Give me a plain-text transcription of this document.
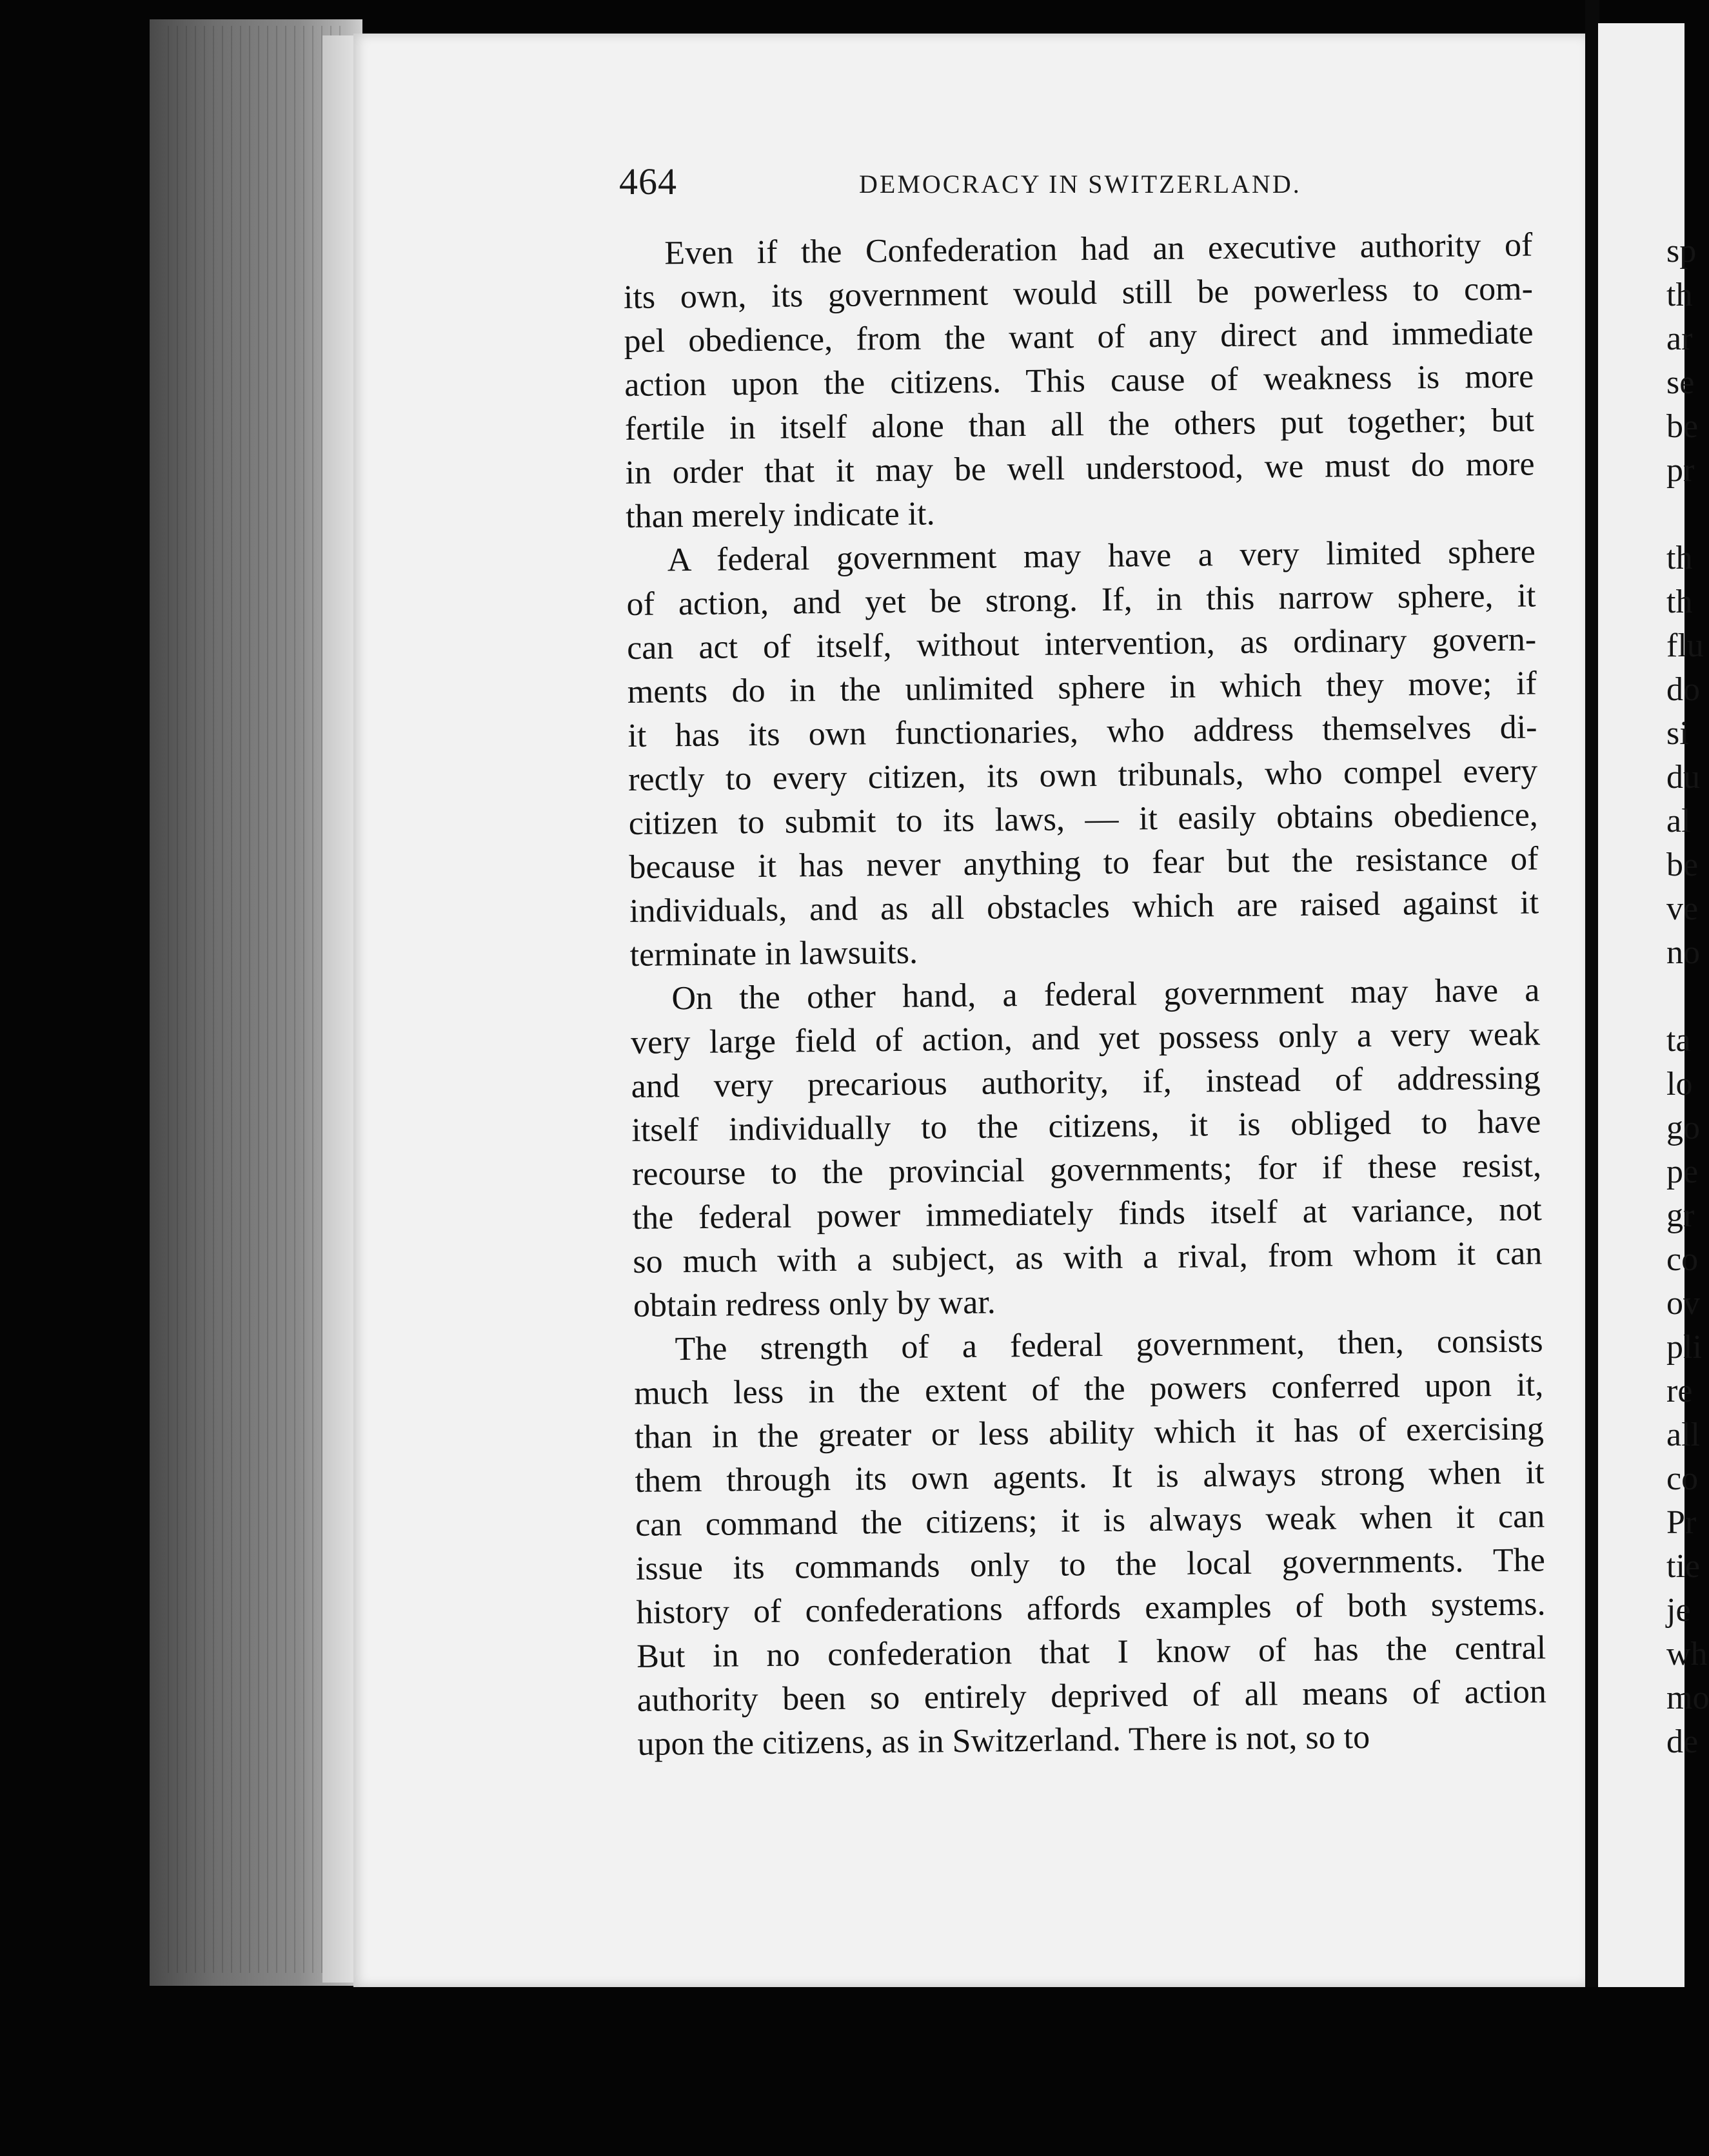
464	DEMOCRACY IN SWITZERLAND.
Even if the Confederation had an executive authority of
its own, its government would still be powerless to com-
pel obedience, from the want of any direct and immediate
action upon the citizens. This cause of weakness is more
fertile in itself alone than all the others put together; but
in order that it may be well understood, we must do more
than merely indicate it.
A federal government may have a very limited sphere
of action, and yet be strong. If, in this narrow sphere, it
can act of itself, without intervention, as ordinary govern-
ments do in the unlimited sphere in which they move; if
it has its own functionaries, who address themselves di-
rectly to every citizen, its own tribunals, who compel every
citizen to submit to its laws, — it easily obtains obedience,
because it has never anything to fear but the resistance of
individuals, and as all obstacles which are raised against it
terminate in lawsuits.
On the other hand, a federal government may have a
very large field of action, and yet possess only a very weak
and very precarious authority, if, instead of addressing
itself individually to the citizens, it is obliged to have
recourse to the provincial governments; for if these resist,
the federal power immediately finds itself at variance, not
so much with a subject, as with a rival, from whom it can
obtain redress only by war.
The strength of a federal government, then, consists
much less in the extent of the powers conferred upon it,
than in the greater or less ability which it has of exercising
them through its own agents. It is always strong when it
can command the citizens; it is always weak when it can
issue its commands only to the local governments. The
history of confederations affords examples of both systems.
But in no confederation that I know of has the central
authority been so entirely deprived of all means of action
upon the citizens, as in Switzerland. There is not, so to
sp
th
ar
se
be
pr
th
th
flu
do
si
du
al
be
ve
no
ta
lo
go
pe
gr
co
ov
pli
re
all
co
Pr
tie
je
wh
mo
de
